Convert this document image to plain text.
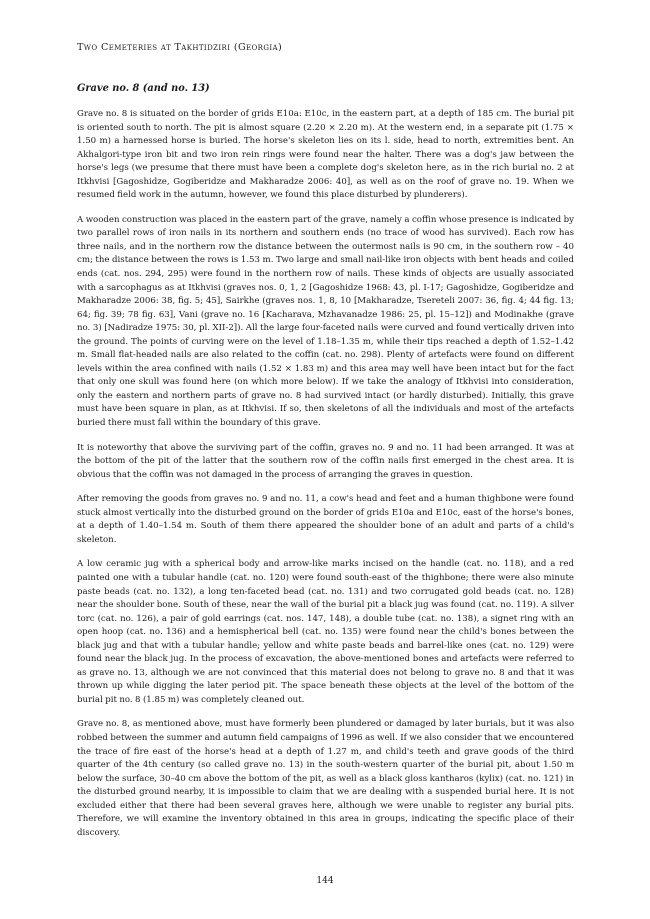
Two Cemeteries at Takhtidziri (Georgia)
Grave no. 8 (and no. 13)

Grave no. 8 is situated on the border of grids E10a: E10c, in the eastern part, at a depth of 185 cm. The burial pit is oriented south to north. The pit is almost square (2.20 × 2.20 m). At the western end, in a separate pit (1.75 × 1.50 m) a harnessed horse is buried. The horse's skeleton lies on its l. side, head to north, extremities bent. An Akhalgori-type iron bit and two iron rein rings were found near the halter. There was a dog's jaw between the horse's legs (we presume that there must have been a complete dog's skeleton here, as in the rich burial no. 2 at Itkhvisi [Gagoshidze, Gogiberidze and Makharadze 2006: 40], as well as on the roof of grave no. 19. When we resumed field work in the autumn, however, we found this place disturbed by plunderers).

A wooden construction was placed in the eastern part of the grave, namely a coffin whose presence is indicated by two parallel rows of iron nails in its northern and southern ends (no trace of wood has survived). Each row has three nails, and in the northern row the distance between the outermost nails is 90 cm, in the southern row – 40 cm; the distance between the rows is 1.53 m. Two large and small nail-like iron objects with bent heads and coiled ends (cat. nos. 294, 295) were found in the northern row of nails. These kinds of objects are usually associated with a sarcophagus as at Itkhvisi (graves nos. 0, 1, 2 [Gagoshidze 1968: 43, pl. I-17; Gagoshidze, Gogiberidze and Makharadze 2006: 38, fig. 5; 45], Sairkhe (graves nos. 1, 8, 10 [Makharadze, Tsereteli 2007: 36, fig. 4; 44 fig. 13; 64; fig. 39; 78 fig. 63], Vani (grave no. 16 [Kacharava, Mzhavanadze 1986: 25, pl. 15–12]) and Modinakhe (grave no. 3) [Nadiradze 1975: 30, pl. XII-2]). All the large four-faceted nails were curved and found vertically driven into the ground. The points of curving were on the level of 1.18–1.35 m, while their tips reached a depth of 1.52–1.42 m. Small flat-headed nails are also related to the coffin (cat. no. 298). Plenty of artefacts were found on different levels within the area confined with nails (1.52 × 1.83 m) and this area may well have been intact but for the fact that only one skull was found here (on which more below). If we take the analogy of Itkhvisi into consideration, only the eastern and northern parts of grave no. 8 had survived intact (or hardly disturbed). Initially, this grave must have been square in plan, as at Itkhvisi. If so, then skeletons of all the individuals and most of the artefacts buried there must fall within the boundary of this grave.

It is noteworthy that above the surviving part of the coffin, graves no. 9 and no. 11 had been arranged. It was at the bottom of the pit of the latter that the southern row of the coffin nails first emerged in the chest area. It is obvious that the coffin was not damaged in the process of arranging the graves in question.

After removing the goods from graves no. 9 and no. 11, a cow's head and feet and a human thighbone were found stuck almost vertically into the disturbed ground on the border of grids E10a and E10c, east of the horse's bones, at a depth of 1.40–1.54 m. South of them there appeared the shoulder bone of an adult and parts of a child's skeleton.

A low ceramic jug with a spherical body and arrow-like marks incised on the handle (cat. no. 118), and a red painted one with a tubular handle (cat. no. 120) were found south-east of the thighbone; there were also minute paste beads (cat. no. 132), a long ten-faceted bead (cat. no. 131) and two corrugated gold beads (cat. no. 128) near the shoulder bone. South of these, near the wall of the burial pit a black jug was found (cat. no. 119). A silver torc (cat. no. 126), a pair of gold earrings (cat. nos. 147, 148), a double tube (cat. no. 138), a signet ring with an open hoop (cat. no. 136) and a hemispherical bell (cat. no. 135) were found near the child's bones between the black jug and that with a tubular handle; yellow and white paste beads and barrel-like ones (cat. no. 129) were found near the black jug. In the process of excavation, the above-mentioned bones and artefacts were referred to as grave no. 13, although we are not convinced that this material does not belong to grave no. 8 and that it was thrown up while digging the later period pit. The space beneath these objects at the level of the bottom of the burial pit no. 8 (1.85 m) was completely cleaned out.

Grave no. 8, as mentioned above, must have formerly been plundered or damaged by later burials, but it was also robbed between the summer and autumn field campaigns of 1996 as well. If we also consider that we encountered the trace of fire east of the horse's head at a depth of 1.27 m, and child's teeth and grave goods of the third quarter of the 4th century (so called grave no. 13) in the south-western quarter of the burial pit, about 1.50 m below the surface, 30–40 cm above the bottom of the pit, as well as a black gloss kantharos (kylix) (cat. no. 121) in the disturbed ground nearby, it is impossible to claim that we are dealing with a suspended burial here. It is not excluded either that there had been several graves here, although we were unable to register any burial pits. Therefore, we will examine the inventory obtained in this area in groups, indicating the specific place of their discovery.

144
